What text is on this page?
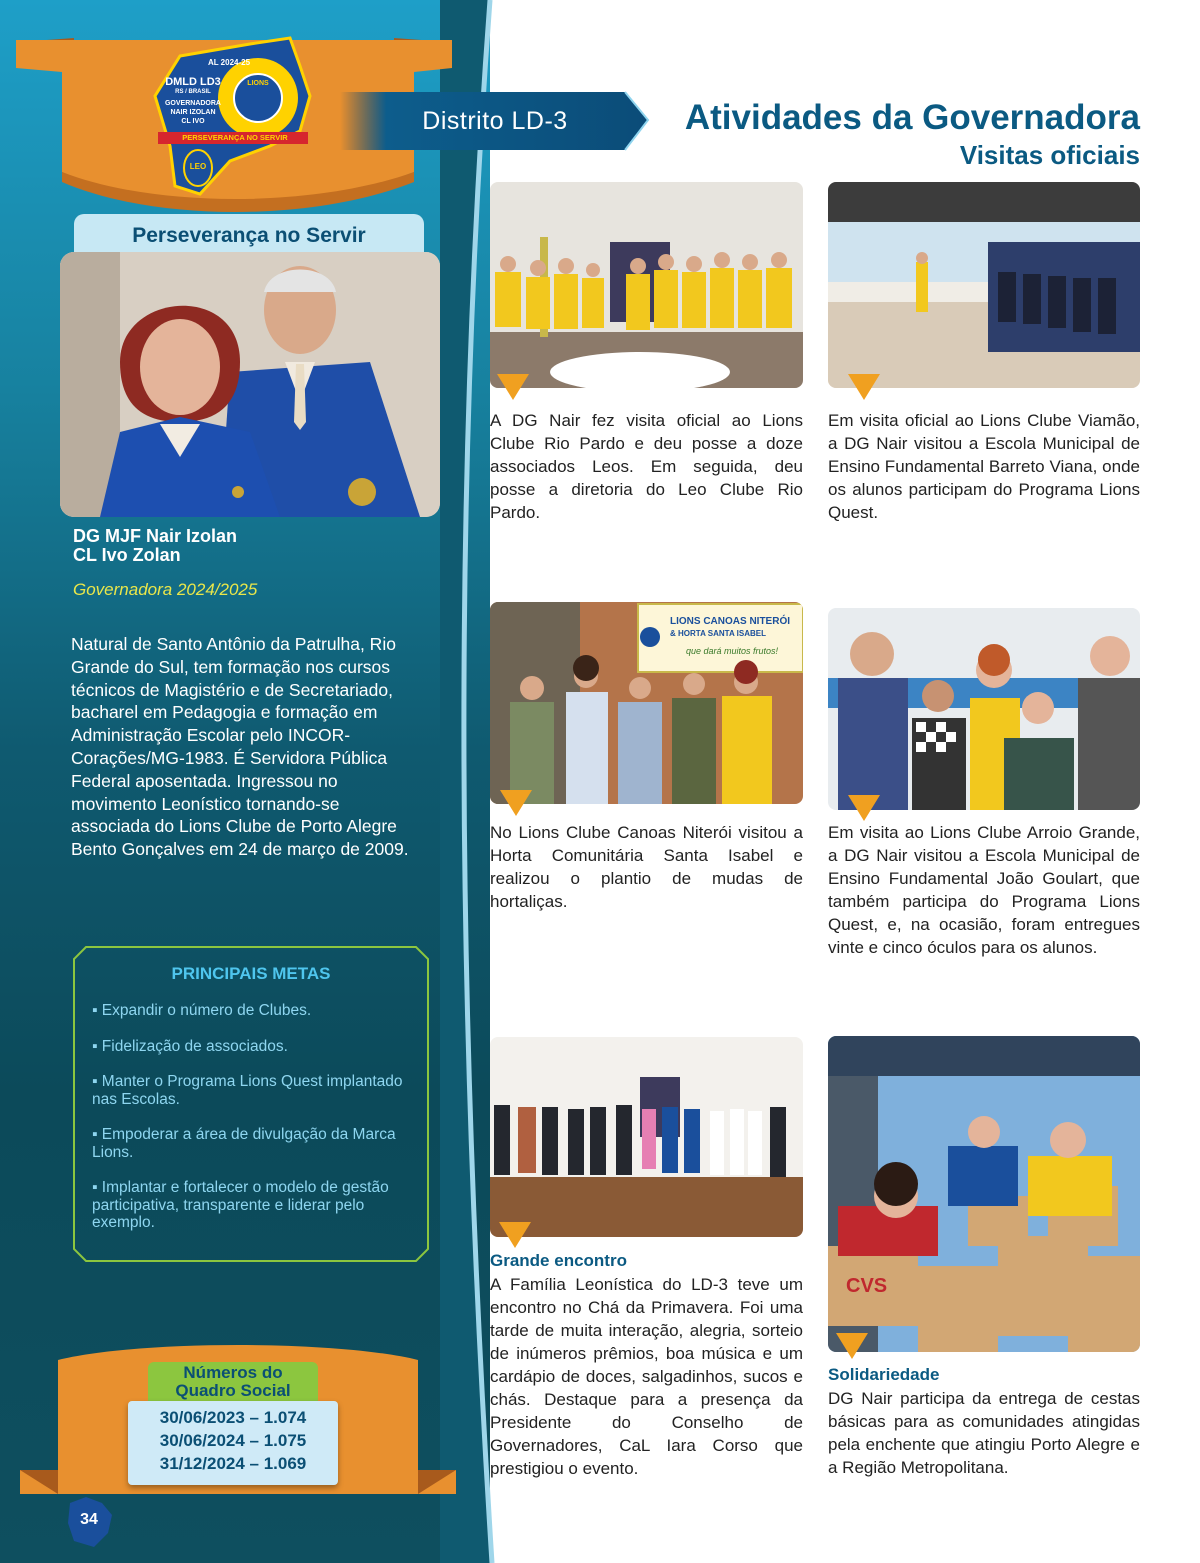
AL 2024-25
DMLD LD3
RS / BRASIL
GOVERNADORA
NAIR IZOLAN
CL IVO
LIONS
PERSEVERANÇA NO SERVIR
LEO
Distrito LD-3	Atividades da Governadora
Visitas oficiais
Perseverança no Servir
DG MJF Nair Izolan
CL Ivo Zolan
Governadora 2024/2025
Natural de Santo Antônio da Patrulha, Rio Grande do Sul, tem formação nos cursos técnicos de Magistério e de Secretariado, bacharel em Pedagogia e formação em Administração Escolar pelo INCOR- Corações/MG-1983. É Servidora Pública Federal aposentada. Ingressou no movimento Leonístico tornando-se associada do Lions Clube de Porto Alegre Bento Gonçalves em 24 de março de 2009.
PRINCIPAIS METAS
▪ Expandir o número de Clubes.
▪ Fidelização de associados.
▪ Manter o Programa Lions Quest implantado nas Escolas.
▪ Empoderar a área de divulgação da Marca Lions.
▪ Implantar e fortalecer o modelo de gestão participativa, transparente e liderar pelo exemplo.
Números do
Quadro Social
30/06/2023 – 1.074
30/06/2024 – 1.075
31/12/2024 – 1.069
34
A DG Nair fez visita oficial ao Lions Clube Rio Pardo e deu posse a doze associados Leos. Em seguida, deu posse a diretoria do Leo Clube Rio Pardo.
Em visita oficial ao Lions Clube Viamão, a DG Nair visitou a Escola Municipal de Ensino Fundamental Barreto Viana, onde os alunos participam do Programa Lions Quest.
LIONS CANOAS NITERÓI
& HORTA SANTA ISABEL
que dará muitos frutos!
No Lions Clube Canoas Niterói visitou a Horta Comunitária Santa Isabel e realizou o plantio de mudas de hortaliças.
Em visita ao Lions Clube Arroio Grande, a DG Nair visitou a Escola Municipal de Ensino Fundamental João Goulart, que também participa do Programa Lions Quest, e, na ocasião, foram entregues vinte e cinco óculos para os alunos.
Grande encontro
A Família Leonística do LD-3 teve um encontro no Chá da Primavera. Foi uma tarde de muita interação, alegria, sorteio de inúmeros prêmios, boa música e um cardápio de doces, salgadinhos, sucos e chás. Destaque para a presença da Presidente do Conselho de Governadores, CaL Iara Corso que prestigiou o evento.
CVS
Solidariedade
DG Nair participa da entrega de cestas básicas para as comunidades atingidas pela enchente que atingiu Porto Alegre e a Região Metropolitana.
